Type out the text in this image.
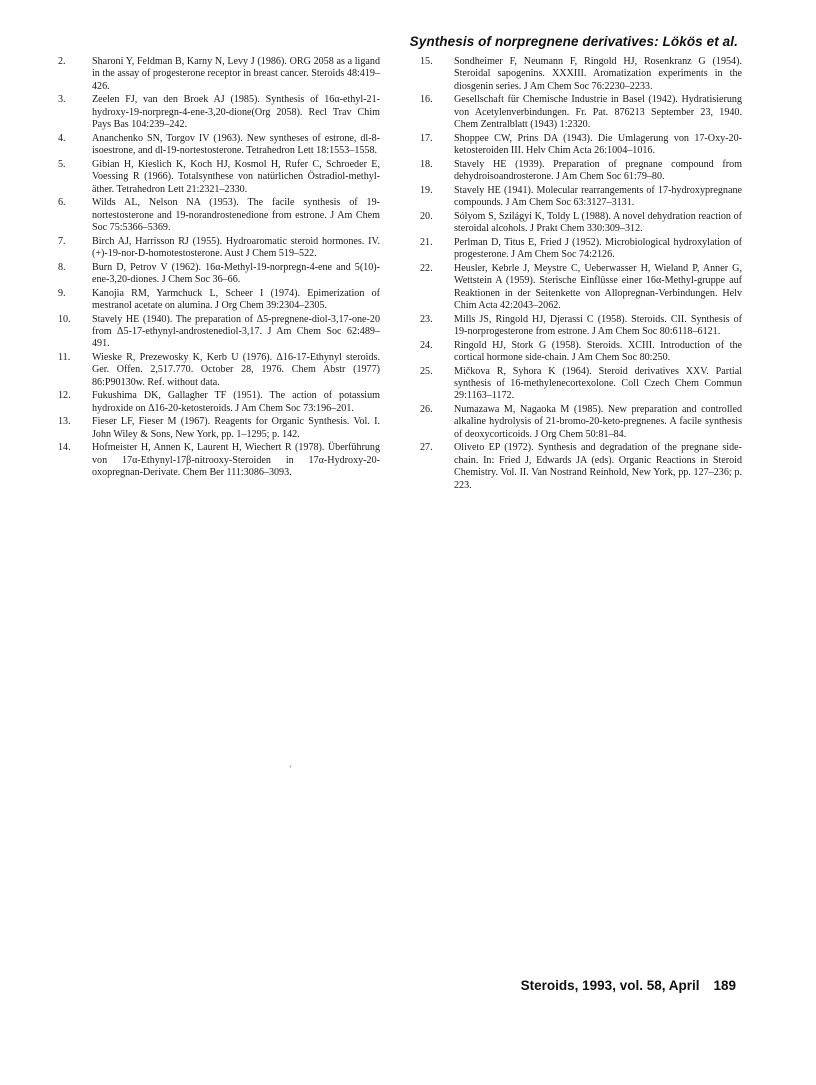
Synthesis of norpregnene derivatives: Lökös et al.
2.	Sharoni Y, Feldman B, Karny N, Levy J (1986). ORG 2058 as a ligand in the assay of progesterone receptor in breast cancer. Steroids 48:419–426.
3.	Zeelen FJ, van den Broek AJ (1985). Synthesis of 16α-ethyl-21-hydroxy-19-norpregn-4-ene-3,20-dione(Org 2058). Recl Trav Chim Pays Bas 104:239–242.
4.	Ananchenko SN, Torgov IV (1963). New syntheses of estrone, dl-8-isoestrone, and dl-19-nortestosterone. Tetrahedron Lett 18:1553–1558.
5.	Gibian H, Kieslich K, Koch HJ, Kosmol H, Rufer C, Schroeder E, Voessing R (1966). Totalsynthese von natürlichen Östradiol-methyl-äther. Tetrahedron Lett 21:2321–2330.
6.	Wilds AL, Nelson NA (1953). The facile synthesis of 19-nortestosterone and 19-norandrostenedione from estrone. J Am Chem Soc 75:5366–5369.
7.	Birch AJ, Harrisson RJ (1955). Hydroaromatic steroid hormones. IV. (+)-19-nor-D-homotestosterone. Aust J Chem 519–522.
8.	Burn D, Petrov V (1962). 16α-Methyl-19-norpregn-4-ene and 5(10)-ene-3,20-diones. J Chem Soc 36–66.
9.	Kanojia RM, Yarmchuck L, Scheer I (1974). Epimerization of mestranol acetate on alumina. J Org Chem 39:2304–2305.
10.	Stavely HE (1940). The preparation of Δ5-pregnene-diol-3,17-one-20 from Δ5-17-ethynyl-androstenediol-3,17. J Am Chem Soc 62:489–491.
11.	Wieske R, Prezewosky K, Kerb U (1976). Δ16-17-Ethynyl steroids. Ger. Offen. 2,517.770. October 28, 1976. Chem Abstr (1977) 86:P90130w. Ref. without data.
12.	Fukushima DK, Gallagher TF (1951). The action of potassium hydroxide on Δ16-20-ketosteroids. J Am Chem Soc 73:196–201.
13.	Fieser LF, Fieser M (1967). Reagents for Organic Synthesis. Vol. I. John Wiley & Sons, New York, pp. 1–1295; p. 142.
14.	Hofmeister H, Annen K, Laurent H, Wiechert R (1978). Überführung von 17α-Ethynyl-17β-nitrooxy-Steroiden in 17α-Hydroxy-20-oxopregnan-Derivate. Chem Ber 111:3086–3093.
15.	Sondheimer F, Neumann F, Ringold HJ, Rosenkranz G (1954). Steroidal sapogenins. XXXIII. Aromatization experiments in the diosgenin series. J Am Chem Soc 76:2230–2233.
16.	Gesellschaft für Chemische Industrie in Basel (1942). Hydratisierung von Acetylenverbindungen. Fr. Pat. 876213 September 23, 1940. Chem Zentralblatt (1943) 1:2320.
17.	Shoppee CW, Prins DA (1943). Die Umlagerung von 17-Oxy-20-ketosteroiden III. Helv Chim Acta 26:1004–1016.
18.	Stavely HE (1939). Preparation of pregnane compound from dehydroisoandrosterone. J Am Chem Soc 61:79–80.
19.	Stavely HE (1941). Molecular rearrangements of 17-hydroxypregnane compounds. J Am Chem Soc 63:3127–3131.
20.	Sólyom S, Szilágyi K, Toldy L (1988). A novel dehydration reaction of steroidal alcohols. J Prakt Chem 330:309–312.
21.	Perlman D, Titus E, Fried J (1952). Microbiological hydroxylation of progesterone. J Am Chem Soc 74:2126.
22.	Heusler, Kebrle J, Meystre C, Ueberwasser H, Wieland P, Anner G, Wettstein A (1959). Sterische Einflüsse einer 16α-Methyl-gruppe auf Reaktionen in der Seitenkette von Allopregnan-Verbindungen. Helv Chim Acta 42:2043–2062.
23.	Mills JS, Ringold HJ, Djerassi C (1958). Steroids. CII. Synthesis of 19-norprogesterone from estrone. J Am Chem Soc 80:6118–6121.
24.	Ringold HJ, Stork G (1958). Steroids. XCIII. Introduction of the cortical hormone side-chain. J Am Chem Soc 80:250.
25.	Mičkova R, Syhora K (1964). Steroid derivatives XXV. Partial synthesis of 16-methylenecortexolone. Coll Czech Chem Commun 29:1163–1172.
26.	Numazawa M, Nagaoka M (1985). New preparation and controlled alkaline hydrolysis of 21-bromo-20-keto-pregnenes. A facile synthesis of deoxycorticoids. J Org Chem 50:81–84.
27.	Oliveto EP (1972). Synthesis and degradation of the pregnane side-chain. In: Fried J, Edwards JA (eds). Organic Reactions in Steroid Chemistry. Vol. II. Van Nostrand Reinhold, New York, pp. 127–236; p. 223.
’
Steroids, 1993, vol. 58, April 189
